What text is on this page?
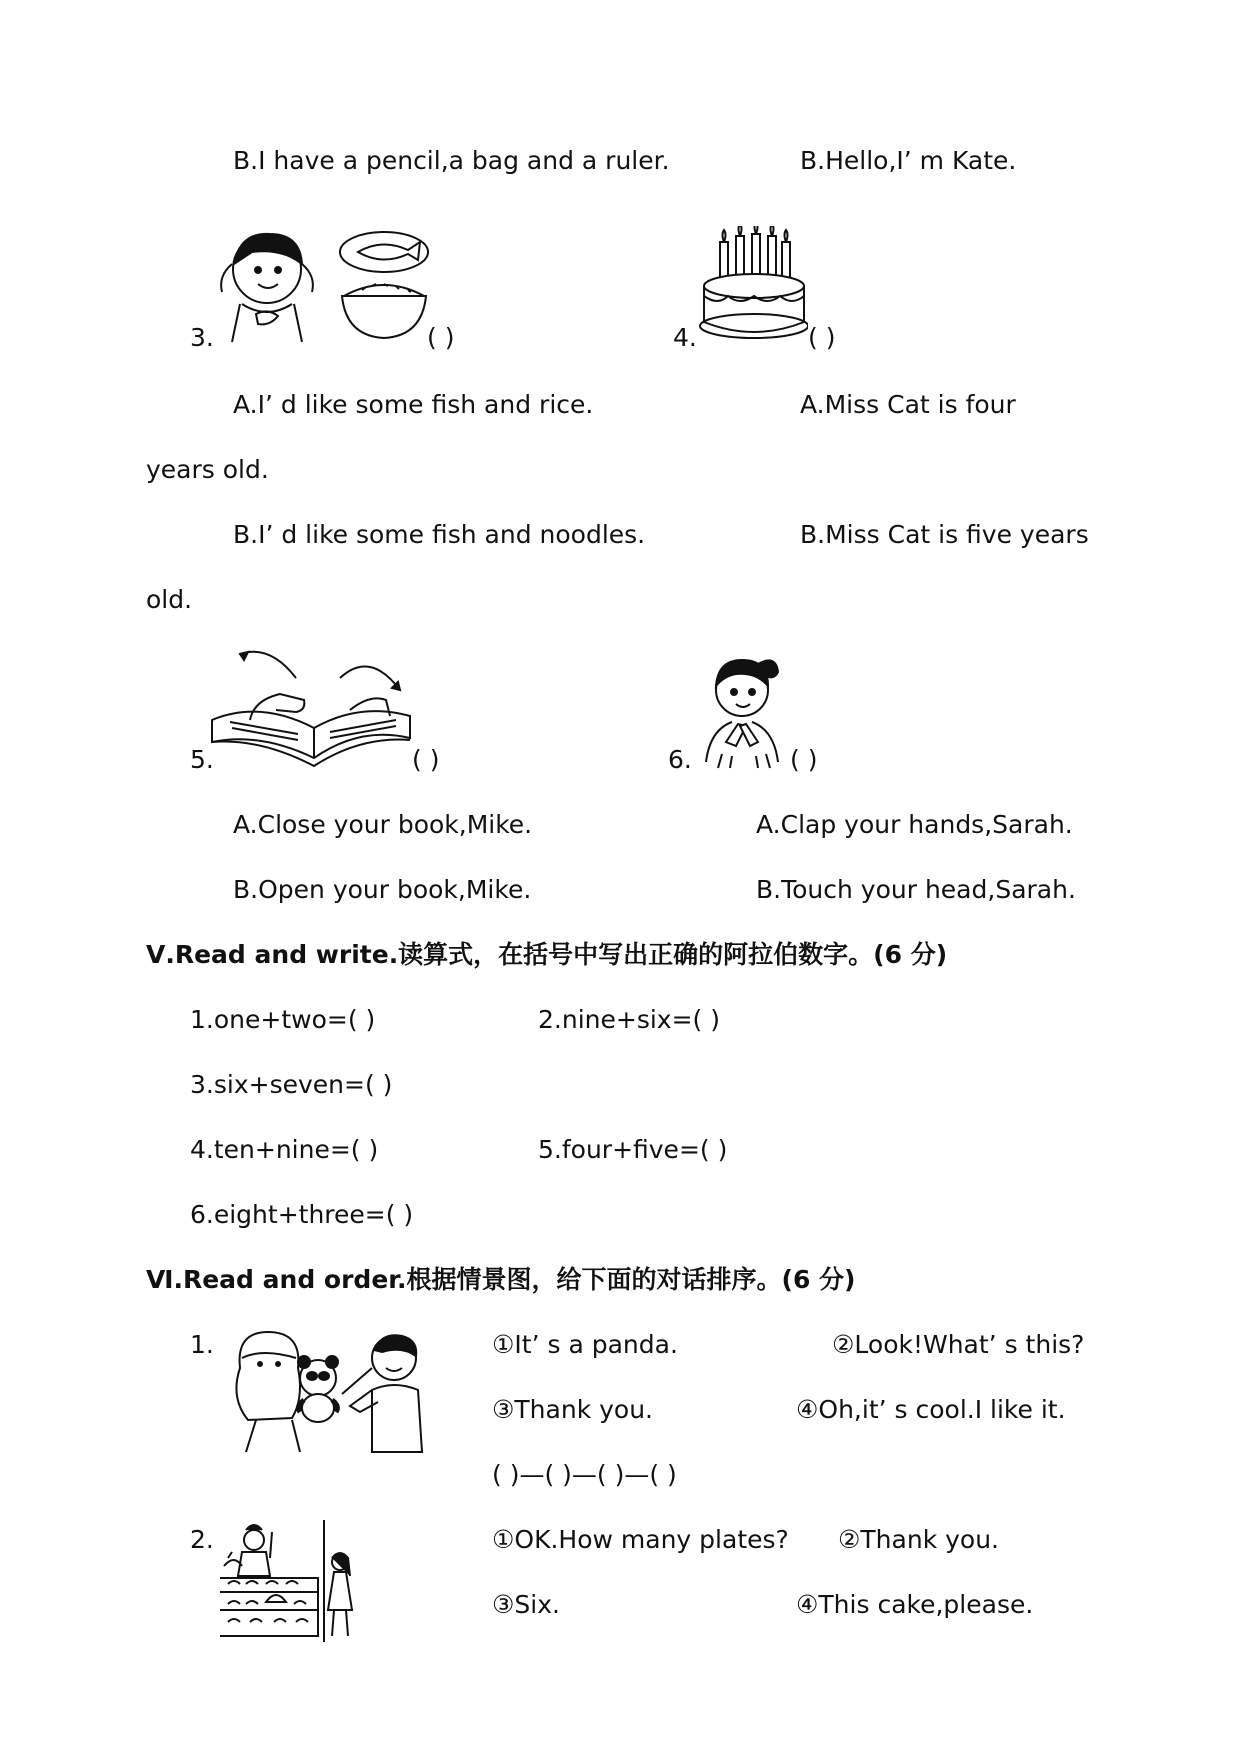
B.I have a pencil,a bag and a ruler.	B.Hello,I’ m Kate.
3.	( )	4.	( )
A.I’ d like some fish and rice.	A.Miss Cat is four
years old.
B.I’ d like some fish and noodles.	B.Miss Cat is five years
old.
5.	( )	6.	( )
A.Close your book,Mike.	A.Clap your hands,Sarah.
B.Open your book,Mike.	B.Touch your head,Sarah.
Ⅴ.Read and write.读算式，在括号中写出正确的阿拉伯数字。(6 分)
1.one+two=( )	2.nine+six=( )
3.six+seven=( )
4.ten+nine=( )	5.four+five=( )
6.eight+three=( )
Ⅵ.Read and order.根据情景图，给下面的对话排序。(6 分)
1.	①It’ s a panda.	②Look!What’ s this?
③Thank you.	④Oh,it’ s cool.I like it.
( )—( )—( )—( )
2.	①OK.How many plates? ②Thank you.
③Six.	④This cake,please.
